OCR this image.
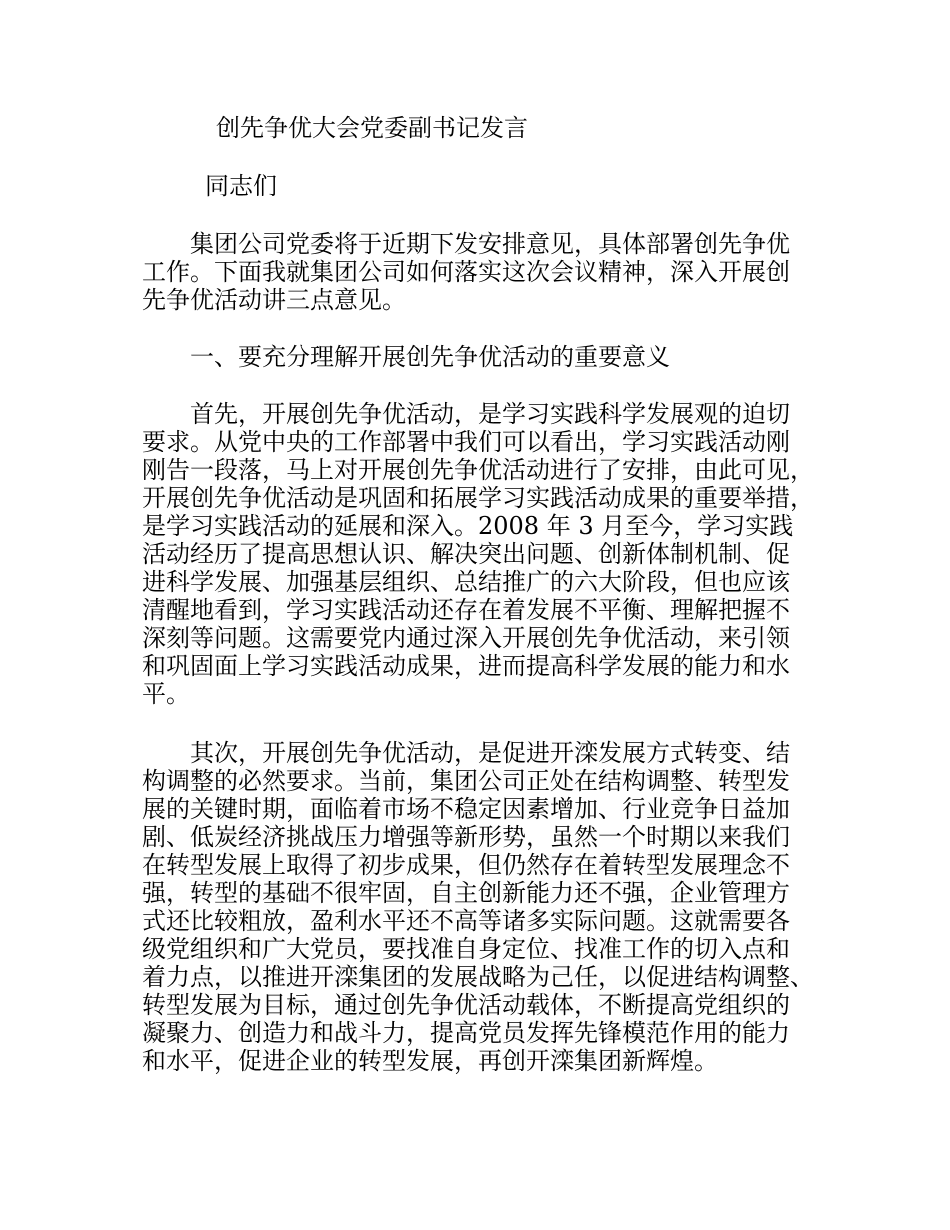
创先争优大会党委副书记发言

同志们

　　集团公司党委将于近期下发安排意见，具体部署创先争优

工作。下面我就集团公司如何落实这次会议精神，深入开展创

先争优活动讲三点意见。

　　一、要充分理解开展创先争优活动的重要意义

　　首先，开展创先争优活动，是学习实践科学发展观的迫切

要求。从党中央的工作部署中我们可以看出，学习实践活动刚

刚告一段落，马上对开展创先争优活动进行了安排，由此可见，

开展创先争优活动是巩固和拓展学习实践活动成果的重要举措，

是学习实践活动的延展和深入。2008 年 3 月至今，学习实践

活动经历了提高思想认识、解决突出问题、创新体制机制、促

进科学发展、加强基层组织、总结推广的六大阶段，但也应该

清醒地看到，学习实践活动还存在着发展不平衡、理解把握不

深刻等问题。这需要党内通过深入开展创先争优活动，来引领

和巩固面上学习实践活动成果，进而提高科学发展的能力和水

平。

　　其次，开展创先争优活动，是促进开滦发展方式转变、结

构调整的必然要求。当前，集团公司正处在结构调整、转型发

展的关键时期，面临着市场不稳定因素增加、行业竞争日益加

剧、低炭经济挑战压力增强等新形势，虽然一个时期以来我们

在转型发展上取得了初步成果，但仍然存在着转型发展理念不

强，转型的基础不很牢固，自主创新能力还不强，企业管理方

式还比较粗放，盈利水平还不高等诸多实际问题。这就需要各

级党组织和广大党员，要找准自身定位、找准工作的切入点和

着力点，以推进开滦集团的发展战略为己任，以促进结构调整、

转型发展为目标，通过创先争优活动载体，不断提高党组织的

凝聚力、创造力和战斗力，提高党员发挥先锋模范作用的能力

和水平，促进企业的转型发展，再创开滦集团新辉煌。
